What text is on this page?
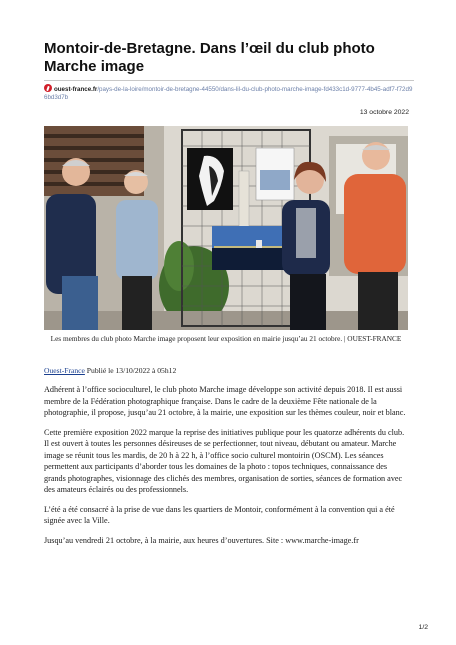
Montoir-de-Bretagne. Dans l’œil du club photo Marche image
ouest-france.fr/pays-de-la-loire/montoir-de-bretagne-44550/dans-lil-du-club-photo-marche-image-fd433c1d-9777-4b45-adf7-f72d96bd3d7b
13 octobre 2022
Les membres du club photo Marche image proposent leur exposition en mairie jusqu’au 21 octobre. | OUEST-FRANCE
Ouest-France Publié le 13/10/2022 à 05h12

Adhérent à l’office socioculturel, le club photo Marche image développe son activité depuis 2018. Il est aussi membre de la Fédération photographique française. Dans le cadre de la deuxième Fête nationale de la photographie, il propose, jusqu’au 21 octobre, à la mairie, une exposition sur les thèmes couleur, noir et blanc.

Cette première exposition 2022 marque la reprise des initiatives publique pour les quatorze adhérents du club. Il est ouvert à toutes les personnes désireuses de se perfectionner, tout niveau, débutant ou amateur. Marche image se réunit tous les mardis, de 20 h à 22 h, à l’office socio culturel montoirin (OSCM). Les séances permettent aux participants d’aborder tous les domaines de la photo : topos techniques, connaissance des grands photographes, visionnage des clichés des membres, organisation de sorties, séances de formation avec des amateurs éclairés ou des professionnels.

L’été a été consacré à la prise de vue dans les quartiers de Montoir, conformément à la convention qui a été signée avec la Ville.

Jusqu’au vendredi 21 octobre, à la mairie, aux heures d’ouvertures. Site : www.marche-image.fr

1/2
